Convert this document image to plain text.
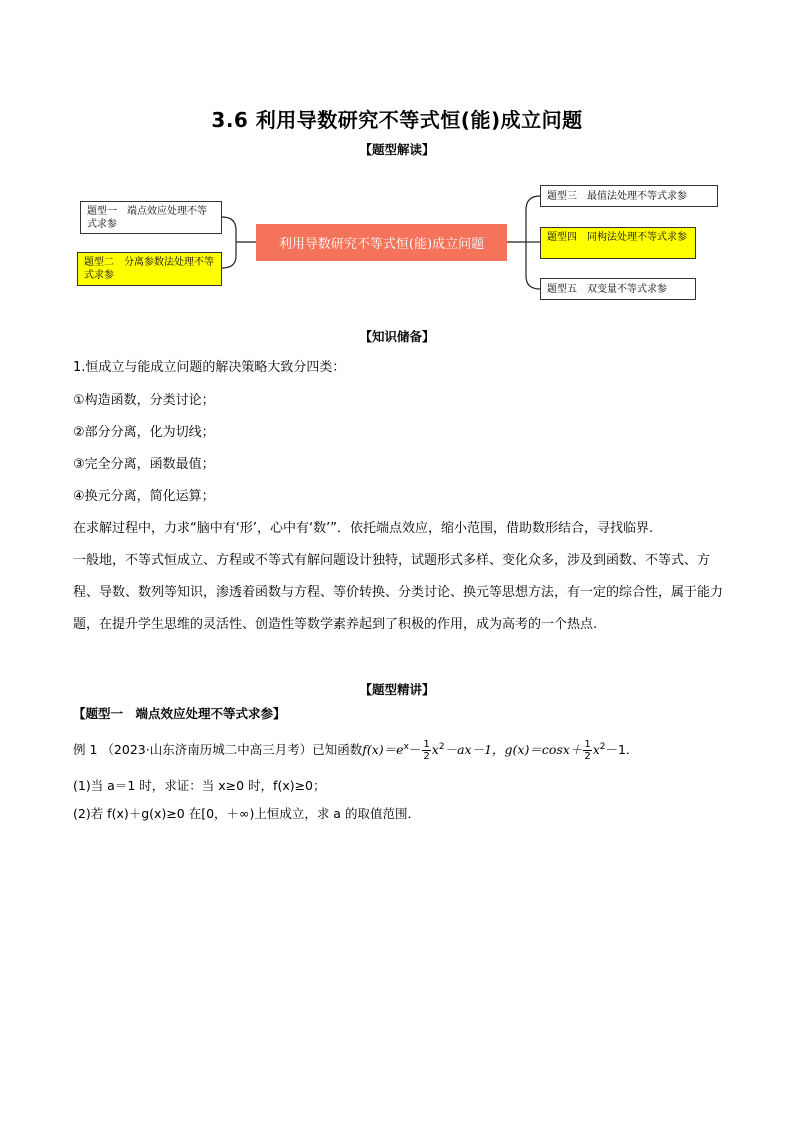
3.6 利用导数研究不等式恒(能)成立问题
【题型解读】
题型一　端点效应处理不等式求参
题型二　分离参数法处理不等式求参
利用导数研究不等式恒(能)成立问题
题型三　最值法处理不等式求参
题型四　同构法处理不等式求参
题型五　双变量不等式求参
【知识储备】
1.恒成立与能成立问题的解决策略大致分四类：
①构造函数，分类讨论；
②部分分离，化为切线；
③完全分离，函数最值；
④换元分离，简化运算；
在求解过程中，力求“脑中有‘形’，心中有‘数’”．依托端点效应，缩小范围，借助数形结合，寻找临界.
一般地，不等式恒成立、方程或不等式有解问题设计独特，试题形式多样、变化众多，涉及到函数、不等式、方程、导数、数列等知识，渗透着函数与方程、等价转换、分类讨论、换元等思想方法，有一定的综合性，属于能力题，在提升学生思维的灵活性、创造性等数学素养起到了积极的作用，成为高考的一个热点.
【题型精讲】
【题型一　端点效应处理不等式求参】
例 1 （2023·山东济南历城二中高三月考）已知函数$f(x)=e^x- \frac{1}{2} x^2-ax-1$，$g(x)=\cos x+ \frac{1}{2} x^2-1$．
(1)当 a＝1 时，求证：当 x≥0 时，f(x)≥0；
(2)若 f(x)＋g(x)≥0 在[0，＋∞)上恒成立，求 a 的取值范围．
